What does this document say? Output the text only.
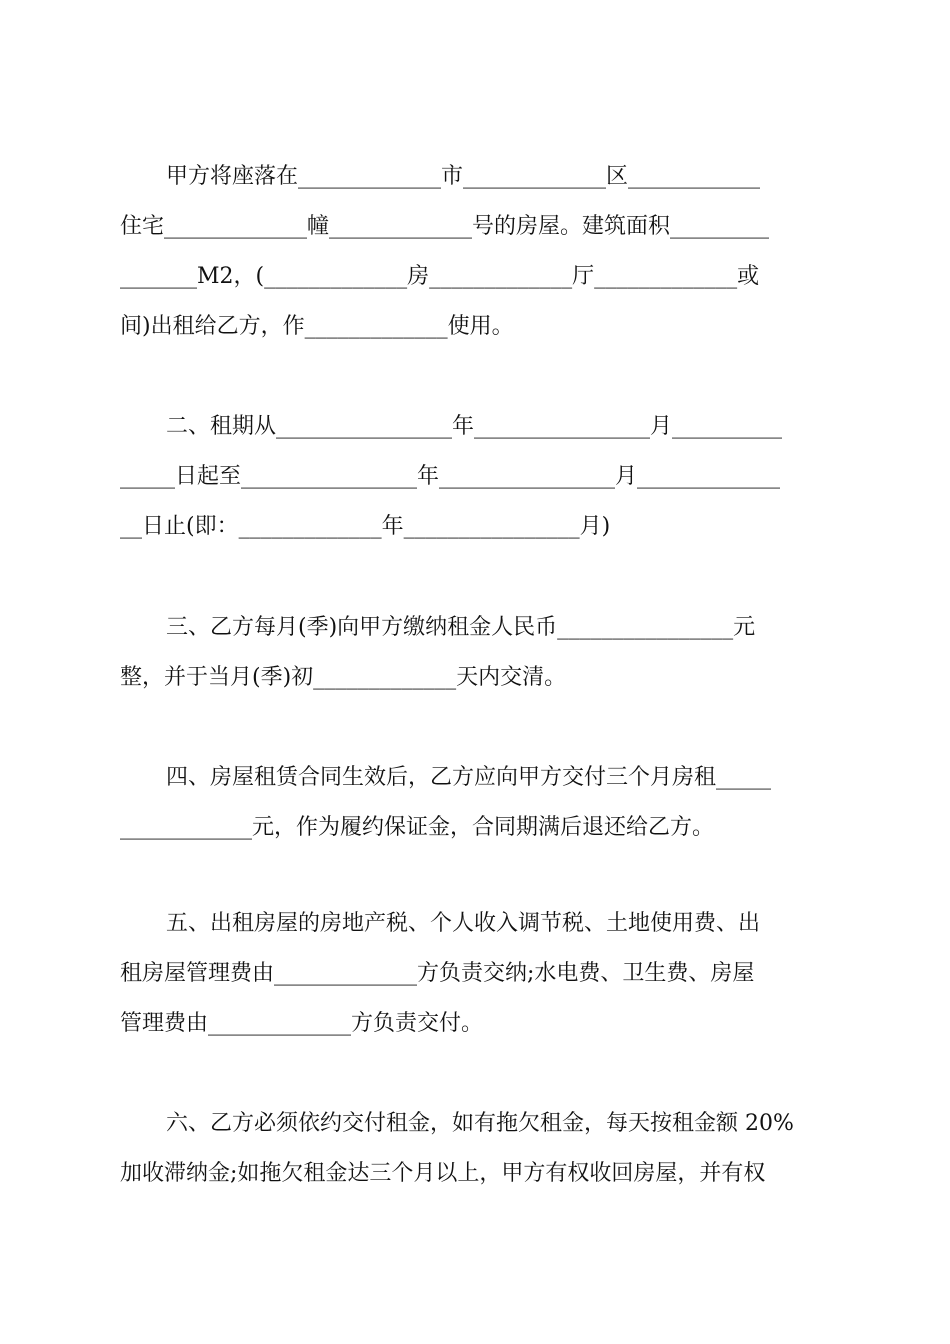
甲方将座落在_____________市_____________区____________
住宅_____________幢_____________号的房屋。建筑面积_________
_______M2，(_____________房_____________厅_____________或
间)出租给乙方，作_____________使用。
二、租期从________________年________________月__________
_____日起至________________年________________月_____________
__日止(即：_____________年________________月)
三、乙方每月(季)向甲方缴纳租金人民币________________元
整，并于当月(季)初_____________天内交清。
四、房屋租赁合同生效后，乙方应向甲方交付三个月房租_____
____________元，作为履约保证金，合同期满后退还给乙方。
五、出租房屋的房地产税、个人收入调节税、土地使用费、出
租房屋管理费由_____________方负责交纳;水电费、卫生费、房屋
管理费由_____________方负责交付。
六、乙方必须依约交付租金，如有拖欠租金，每天按租金额 20%
加收滞纳金;如拖欠租金达三个月以上，甲方有权收回房屋，并有权
